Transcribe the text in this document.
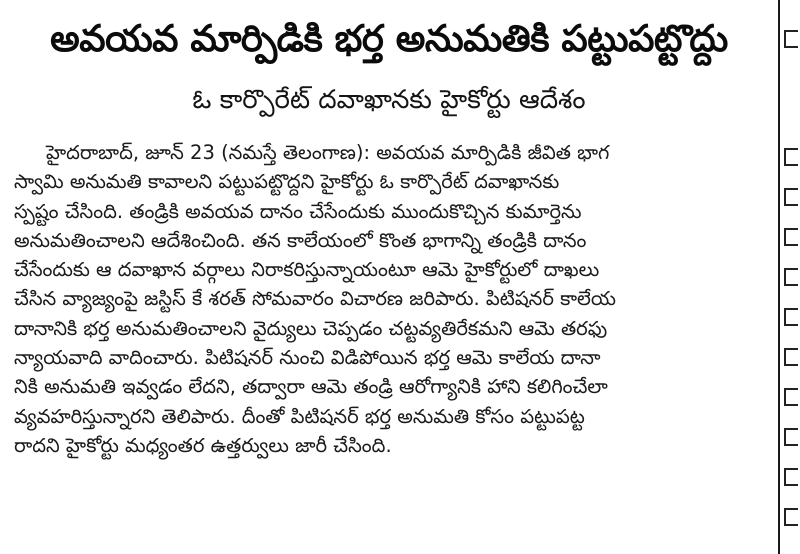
అవయవ మార్పిడికి భర్త అనుమతికి పట్టుపట్టొద్దు
ఓ కార్పొరేట్ దవాఖానకు హైకోర్టు ఆదేశం
హైదరాబాద్, జూన్ 23 (నమస్తే తెలంగాణ): అవయవ మార్పిడికి జీవిత భాగ
స్వామి అనుమతి కావాలని పట్టుపట్టొద్దని హైకోర్టు ఓ కార్పొరేట్ దవాఖానకు
స్పష్టం చేసింది. తండ్రికి అవయవ దానం చేసేందుకు ముందుకొచ్చిన కుమార్తెను
అనుమతించాలని ఆదేశించింది. తన కాలేయంలో కొంత భాగాన్ని తండ్రికి దానం
చేసేందుకు ఆ దవాఖాన వర్గాలు నిరాకరిస్తున్నాయంటూ ఆమె హైకోర్టులో దాఖలు
చేసిన వ్యాజ్యంపై జస్టిస్ కే శరత్ సోమవారం విచారణ జరిపారు. పిటిషనర్ కాలేయ
దానానికి భర్త అనుమతించాలని వైద్యులు చెప్పడం చట్టవ్యతిరేకమని ఆమె తరఫు
న్యాయవాది వాదించారు. పిటిషనర్ నుంచి విడిపోయిన భర్త ఆమె కాలేయ దానా
నికి అనుమతి ఇవ్వడం లేదని, తద్వారా ఆమె తండ్రి ఆరోగ్యానికి హాని కలిగించేలా
వ్యవహరిస్తున్నారని తెలిపారు. దీంతో పిటిషనర్ భర్త అనుమతి కోసం పట్టుపట్ట
రాదని హైకోర్టు మధ్యంతర ఉత్తర్వులు జారీ చేసింది.
